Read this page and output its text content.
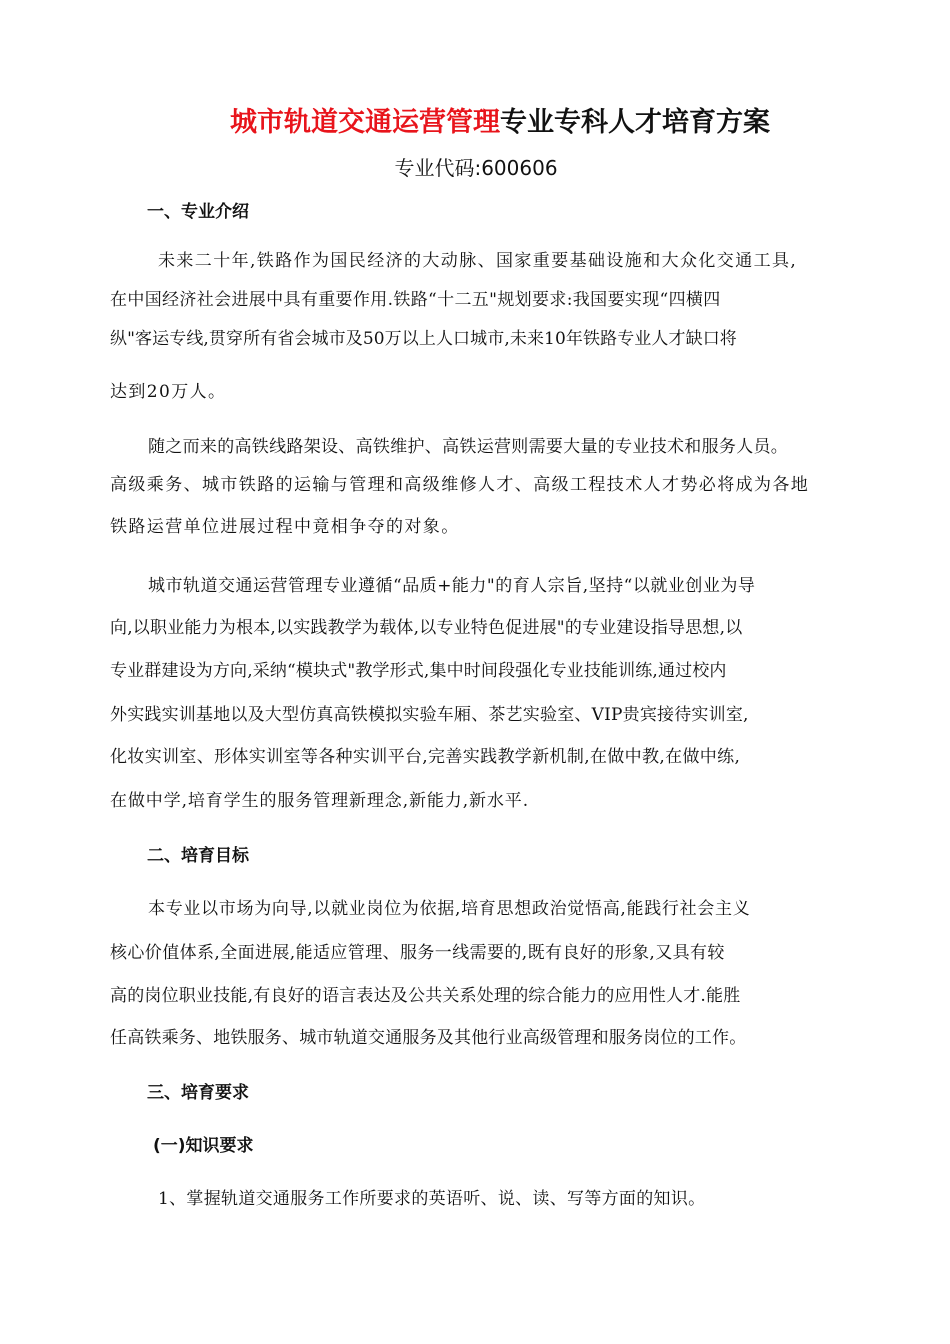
城市轨道交通运营管理专业专科人才培育方案
专业代码:600606
一、专业介绍
未来二十年,铁路作为国民经济的大动脉、国家重要基础设施和大众化交通工具,
在中国经济社会进展中具有重要作用.铁路“十二五"规划要求:我国要实现“四横四
纵"客运专线,贯穿所有省会城市及50万以上人口城市,未来10年铁路专业人才缺口将
达到20万人。
随之而来的高铁线路架设、高铁维护、高铁运营则需要大量的专业技术和服务人员。
高级乘务、城市铁路的运输与管理和高级维修人才、高级工程技术人才势必将成为各地
铁路运营单位进展过程中竟相争夺的对象。
城市轨道交通运营管理专业遵循“品质+能力"的育人宗旨,坚持“以就业创业为导
向,以职业能力为根本,以实践教学为载体,以专业特色促进展"的专业建设指导思想,以
专业群建设为方向,采纳“模块式"教学形式,集中时间段强化专业技能训练,通过校内
外实践实训基地以及大型仿真高铁模拟实验车厢、茶艺实验室、VIP贵宾接待实训室,
化妆实训室、形体实训室等各种实训平台,完善实践教学新机制,在做中教,在做中练,
在做中学,培育学生的服务管理新理念,新能力,新水平.
二、培育目标
本专业以市场为向导,以就业岗位为依据,培育思想政治觉悟高,能践行社会主义
核心价值体系,全面进展,能适应管理、服务一线需要的,既有良好的形象,又具有较
高的岗位职业技能,有良好的语言表达及公共关系处理的综合能力的应用性人才.能胜
任高铁乘务、地铁服务、城市轨道交通服务及其他行业高级管理和服务岗位的工作。
三、培育要求
(一)知识要求
1、掌握轨道交通服务工作所要求的英语听、说、读、写等方面的知识。
